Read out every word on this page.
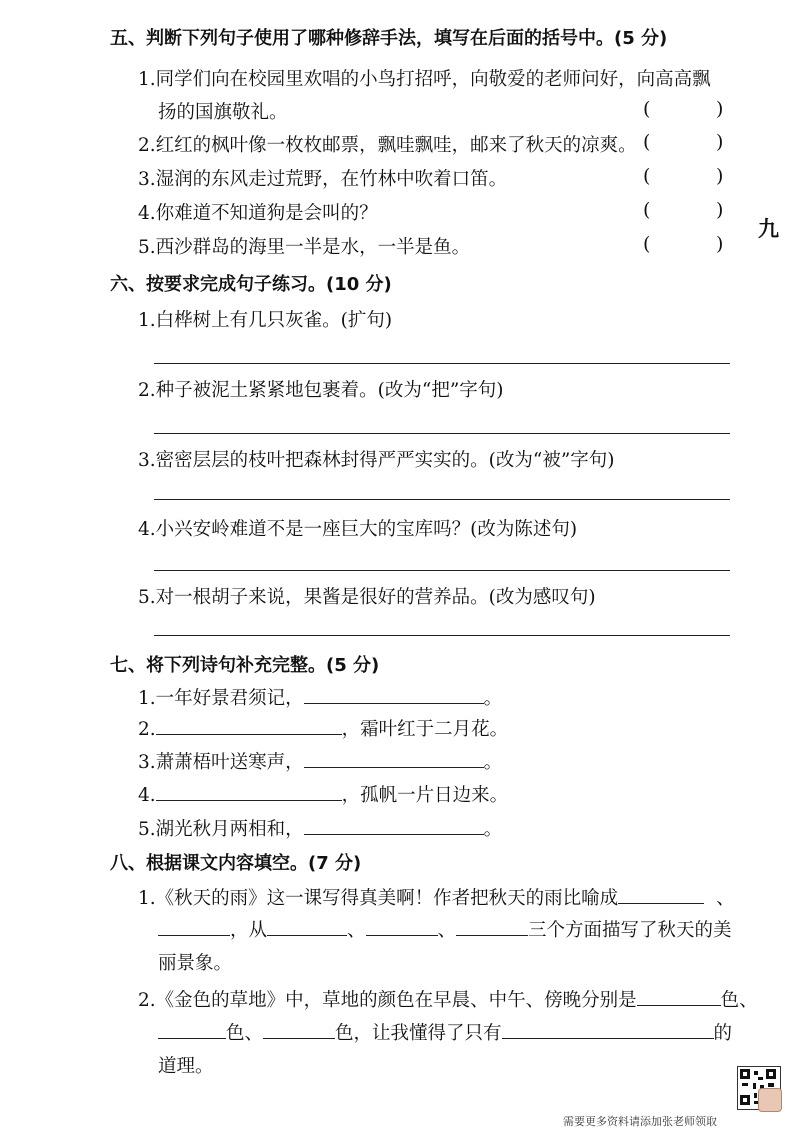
九
五、判断下列句子使用了哪种修辞手法，填写在后面的括号中。(5 分)
1.同学们向在校园里欢唱的小鸟打招呼，向敬爱的老师问好，向高高飘
扬的国旗敬礼。	(	)
2.红红的枫叶像一枚枚邮票，飘哇飘哇，邮来了秋天的凉爽。 (	)
3.湿润的东风走过荒野，在竹林中吹着口笛。	(	)
4.你难道不知道狗是会叫的？	(	)
5.西沙群岛的海里一半是水，一半是鱼。	(	)
六、按要求完成句子练习。(10 分)
1.白桦树上有几只灰雀。(扩句)
2.种子被泥土紧紧地包裹着。(改为“把”字句)
3.密密层层的枝叶把森林封得严严实实的。(改为“被”字句)
4.小兴安岭难道不是一座巨大的宝库吗？(改为陈述句)
5.对一根胡子来说，果酱是很好的营养品。(改为感叹句)
七、将下列诗句补充完整。(5 分)
1.一年好景君须记，	。
2.	，霜叶红于二月花。
3.萧萧梧叶送寒声，	。
4.	，孤帆一片日边来。
5.湖光秋月两相和，	。
八、根据课文内容填空。(7 分)
1.《秋天的雨》这一课写得真美啊！作者把秋天的雨比喻成	、
，从	、	、	三个方面描写了秋天的美
丽景象。
2.《金色的草地》中，草地的颜色在早晨、中午、傍晚分别是	色、
色、	色，让我懂得了只有	的
道理。
需要更多资料请添加张老师领取
